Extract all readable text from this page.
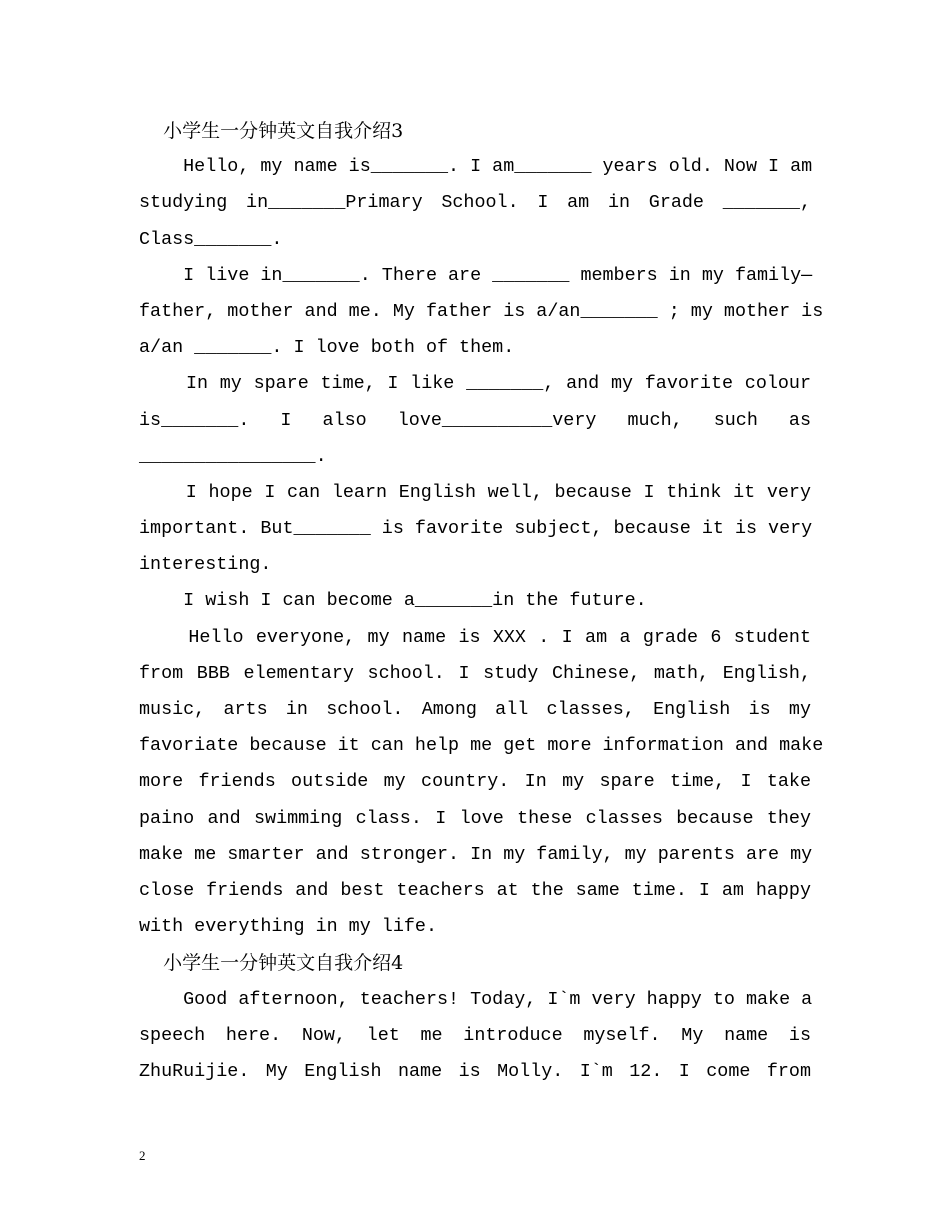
小学生一分钟英文自我介绍3
Hello, my name is_______. I am_______ years old. Now I am
studying in_______Primary School. I am in Grade _______,
Class_______.
I live in_______. There are _______ members in my family—
father, mother and me. My father is a/an_______ ; my mother is
a/an _______. I love both of them.
In my spare time, I like _______, and my favorite colour
is_______.  I  also  love__________very  much,  such  as
________________.
I hope I can learn English well, because I think it very
important. But_______ is favorite subject, because it is very
interesting.
I wish I can become a_______in the future.
Hello everyone, my name is XXX . I am a grade 6 student
from BBB elementary school. I study Chinese, math, English,
music, arts in school. Among all classes, English is my
favoriate because it can help me get more information and make
more friends outside my country. In my spare time, I take
paino and swimming class. I love these classes because they
make me smarter and stronger. In my family, my parents are my
close friends and best teachers at the same time. I am happy
with everything in my life.
小学生一分钟英文自我介绍4
Good afternoon, teachers! Today, I`m very happy to make a
speech here. Now, let me introduce myself. My name is
ZhuRuijie. My English name is Molly. I`m 12. I come from
2
